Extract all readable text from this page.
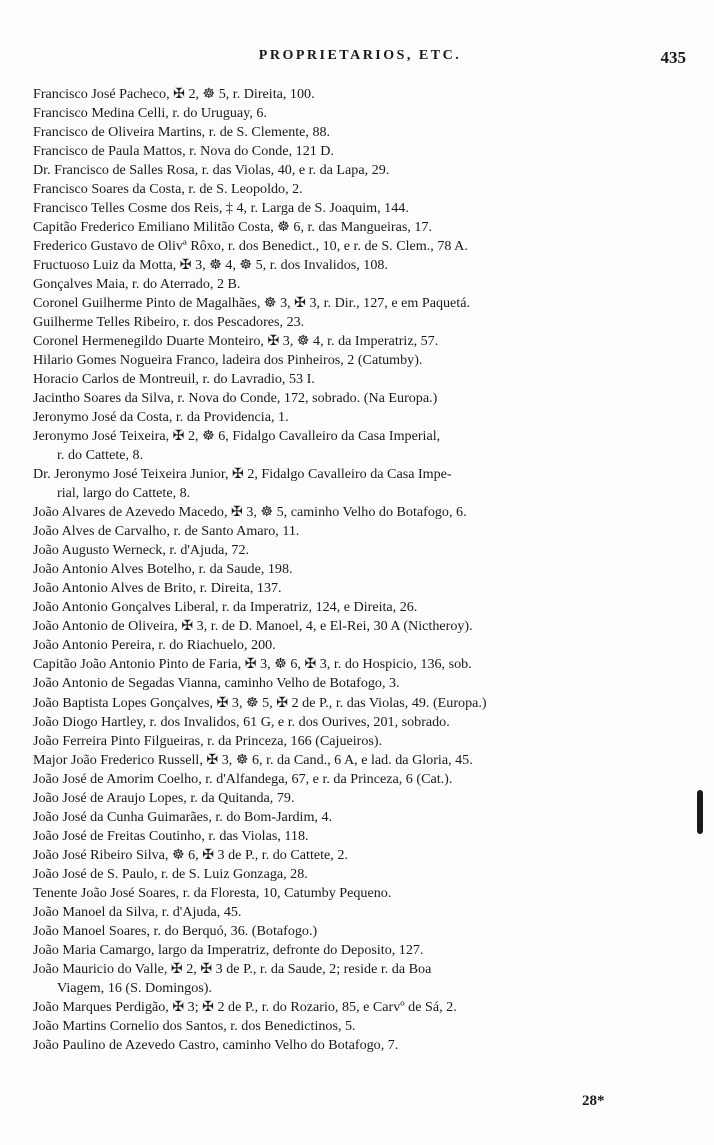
PROPRIETARIOS, ETC.	435
Francisco José Pacheco, ✠ 2, ☸ 5, r. Direita, 100.
Francisco Medina Celli, r. do Uruguay, 6.
Francisco de Oliveira Martins, r. de S. Clemente, 88.
Francisco de Paula Mattos, r. Nova do Conde, 121 D.
Dr. Francisco de Salles Rosa, r. das Violas, 40, e r. da Lapa, 29.
Francisco Soares da Costa, r. de S. Leopoldo, 2.
Francisco Telles Cosme dos Reis, ‡ 4, r. Larga de S. Joaquim, 144.
Capitão Frederico Emiliano Militão Costa, ☸ 6, r. das Mangueiras, 17.
Frederico Gustavo de Olivª Rôxo, r. dos Benedict., 10, e r. de S. Clem., 78 A.
Fructuoso Luiz da Motta, ✠ 3, ☸ 4, ☸ 5, r. dos Invalidos, 108.
Gonçalves Maia, r. do Aterrado, 2 B.
Coronel Guilherme Pinto de Magalhães, ☸ 3, ✠ 3, r. Dir., 127, e em Paquetá.
Guilherme Telles Ribeiro, r. dos Pescadores, 23.
Coronel Hermenegildo Duarte Monteiro, ✠ 3, ☸ 4, r. da Imperatriz, 57.
Hilario Gomes Nogueira Franco, ladeira dos Pinheiros, 2 (Catumby).
Horacio Carlos de Montreuil, r. do Lavradio, 53 I.
Jacintho Soares da Silva, r. Nova do Conde, 172, sobrado. (Na Europa.)
Jeronymo José da Costa, r. da Providencia, 1.
Jeronymo José Teixeira, ✠ 2, ☸ 6, Fidalgo Cavalleiro da Casa Imperial,
r. do Cattete, 8.
Dr. Jeronymo José Teixeira Junior, ✠ 2, Fidalgo Cavalleiro da Casa Impe-
rial, largo do Cattete, 8.
João Alvares de Azevedo Macedo, ✠ 3, ☸ 5, caminho Velho do Botafogo, 6.
João Alves de Carvalho, r. de Santo Amaro, 11.
João Augusto Werneck, r. d'Ajuda, 72.
João Antonio Alves Botelho, r. da Saude, 198.
João Antonio Alves de Brito, r. Direita, 137.
João Antonio Gonçalves Liberal, r. da Imperatriz, 124, e Direita, 26.
João Antonio de Oliveira, ✠ 3, r. de D. Manoel, 4, e El-Rei, 30 A (Nictheroy).
João Antonio Pereira, r. do Riachuelo, 200.
Capitão João Antonio Pinto de Faria, ✠ 3, ☸ 6, ✠ 3, r. do Hospicio, 136, sob.
João Antonio de Segadas Vianna, caminho Velho de Botafogo, 3.
João Baptista Lopes Gonçalves, ✠ 3, ☸ 5, ✠ 2 de P., r. das Violas, 49. (Europa.)
João Diogo Hartley, r. dos Invalidos, 61 G, e r. dos Ourives, 201, sobrado.
João Ferreira Pinto Filgueiras, r. da Princeza, 166 (Cajueiros).
Major João Frederico Russell, ✠ 3, ☸ 6, r. da Cand., 6 A, e lad. da Gloria, 45.
João José de Amorim Coelho, r. d'Alfandega, 67, e r. da Princeza, 6 (Cat.).
João José de Araujo Lopes, r. da Quitanda, 79.
João José da Cunha Guimarães, r. do Bom-Jardim, 4.
João José de Freitas Coutinho, r. das Violas, 118.
João José Ribeiro Silva, ☸ 6, ✠ 3 de P., r. do Cattete, 2.
João José de S. Paulo, r. de S. Luiz Gonzaga, 28.
Tenente João José Soares, r. da Floresta, 10, Catumby Pequeno.
João Manoel da Silva, r. d'Ajuda, 45.
João Manoel Soares, r. do Berquó, 36. (Botafogo.)
João Maria Camargo, largo da Imperatriz, defronte do Deposito, 127.
João Mauricio do Valle, ✠ 2, ✠ 3 de P., r. da Saude, 2; reside r. da Boa
Viagem, 16 (S. Domingos).
João Marques Perdigão, ✠ 3; ✠ 2 de P., r. do Rozario, 85, e Carvº de Sá, 2.
João Martins Cornelio dos Santos, r. dos Benedictinos, 5.
João Paulino de Azevedo Castro, caminho Velho do Botafogo, 7.
28*
